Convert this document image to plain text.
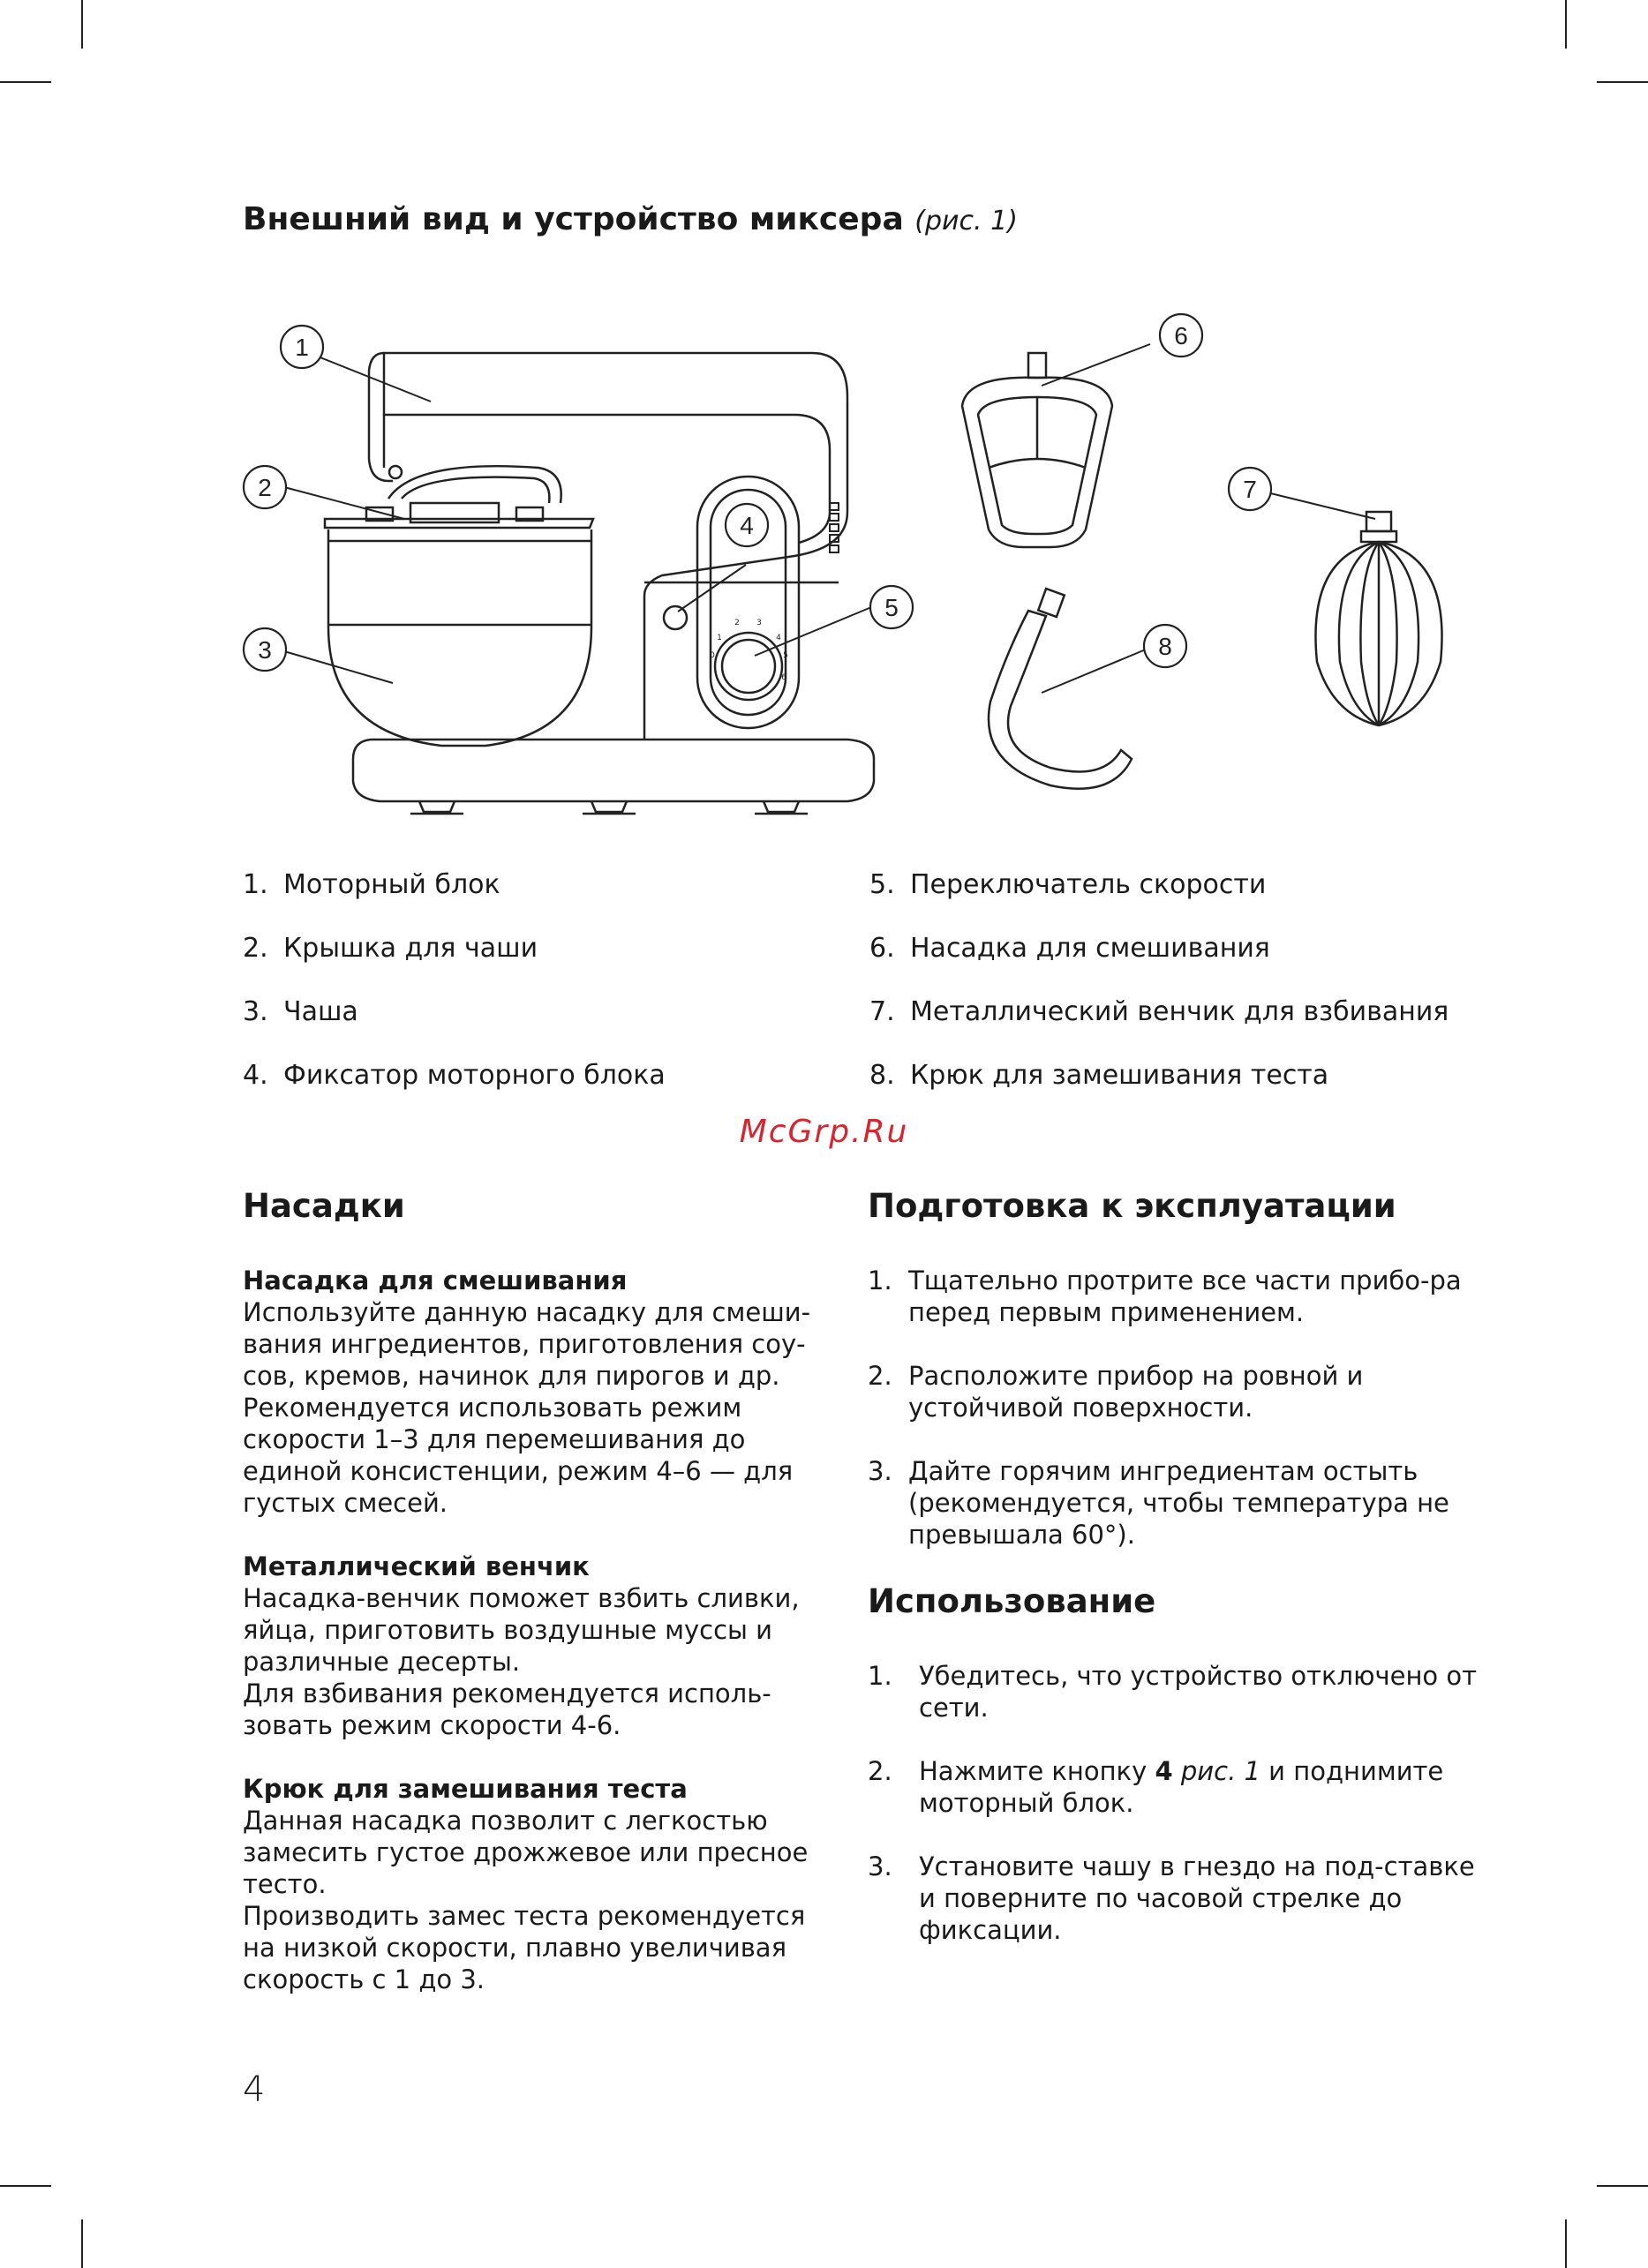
Внешний вид и устройство миксера (рис. 1)
1
2
3
4
5
6
7
8
1
2 3
4
5
6
0
1. Моторный блок
2. Крышка для чаши
3. Чаша
4. Фиксатор моторного блока
5. Переключатель скорости
6. Насадка для смешивания
7. Металлический венчик для взбивания
8. Крюк для замешивания теста
McGrp.Ru
Насадки
Насадка для смешивания

Используйте данную насадку для смеши-вания ингредиентов, приготовления соу-сов, кремов, начинок для пирогов и др. Рекомендуется использовать режим скорости 1–3 для перемешивания до единой консистенции, режим 4–6 — для густых смесей.

Металлический венчик

Насадка-венчик поможет взбить сливки, яйца, приготовить воздушные муссы и различные десерты.

Для взбивания рекомендуется исполь-зовать режим скорости 4-6.

Крюк для замешивания теста

Данная насадка позволит с легкостью замесить густое дрожжевое или пресное тесто.

Производить замес теста рекомендуется на низкой скорости, плавно увеличивая скорость с 1 до 3.

Подготовка к эксплуатации
1. Тщательно протрите все части прибо-ра перед первым применением.
2. Расположите прибор на ровной и устойчивой поверхности.
3. Дайте горячим ингредиентам остыть (рекомендуется, чтобы температура не превышала 60°).
Использование
1.	Убедитесь, что устройство отключено от сети.
2.	Нажмите кнопку 4 рис. 1 и поднимите моторный блок.
3.	Установите чашу в гнездо на под-ставке и поверните по часовой стрелке до фиксации.
4
